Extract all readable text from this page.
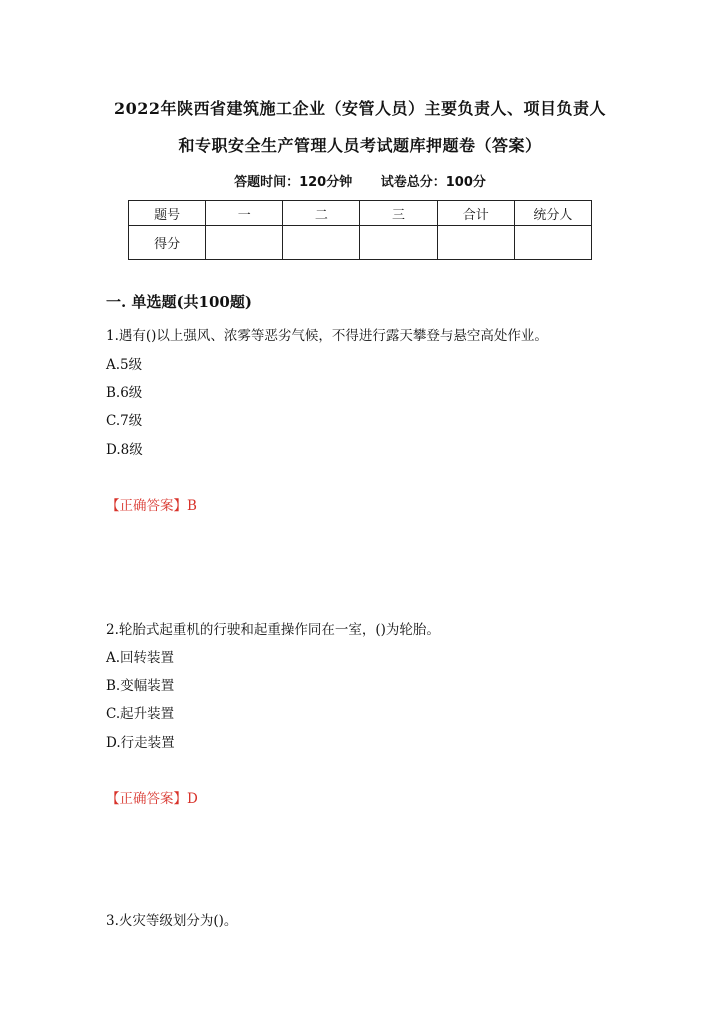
2022年陕西省建筑施工企业（安管人员）主要负责人、项目负责人
和专职安全生产管理人员考试题库押题卷（答案）
答题时间：120分钟 试卷总分：100分
题号	一	二	三	合计	统分人
得分					
一. 单选题(共100题)
1.遇有()以上强风、浓雾等恶劣气候，不得进行露天攀登与悬空高处作业。
A.5级
B.6级
C.7级
D.8级
【正确答案】B
2.轮胎式起重机的行驶和起重操作同在一室，()为轮胎。
A.回转装置
B.变幅装置
C.起升装置
D.行走装置
【正确答案】D
3.火灾等级划分为()。
